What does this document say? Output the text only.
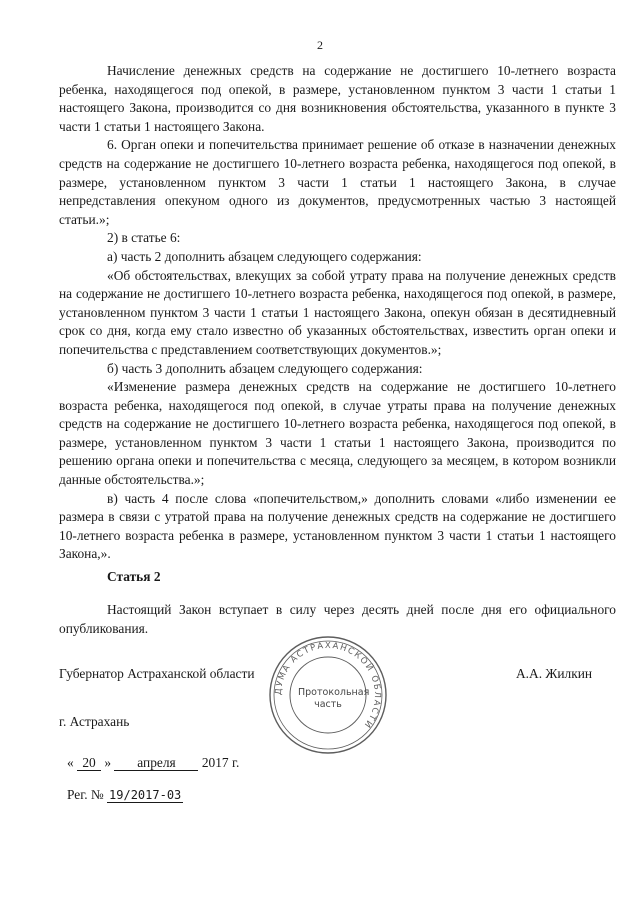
2

Начисление денежных средств на содержание не достигшего 10-летнего возраста ребенка, находящегося под опекой, в размере, установленном пунктом 3 части 1 статьи 1 настоящего Закона, производится со дня возникновения обстоятельства, указанного в пункте 3 части 1 статьи 1 настоящего Закона.

6. Орган опеки и попечительства принимает решение об отказе в назначении денежных средств на содержание не достигшего 10-летнего возраста ребенка, находящегося под опекой, в размере, установленном пунктом 3 части 1 статьи 1 настоящего Закона, в случае непредставления опекуном одного из документов, предусмотренных частью 3 настоящей статьи.»;

2) в статье 6:

а) часть 2 дополнить абзацем следующего содержания:

«Об обстоятельствах, влекущих за собой утрату права на получение денежных средств на содержание не достигшего 10-летнего возраста ребенка, находящегося под опекой, в размере, установленном пунктом 3 части 1 статьи 1 настоящего Закона, опекун обязан в десятидневный срок со дня, когда ему стало известно об указанных обстоятельствах, известить орган опеки и попечительства с представлением соответствующих документов.»;

б) часть 3 дополнить абзацем следующего содержания:

«Изменение размера денежных средств на содержание не достигшего 10-летнего возраста ребенка, находящегося под опекой, в случае утраты права на получение денежных средств на содержание не достигшего 10-летнего возраста ребенка, находящегося под опекой, в размере, установленном пунктом 3 части 1 статьи 1 настоящего Закона, производится по решению органа опеки и попечительства с месяца, следующего за месяцем, в котором возникли данные обстоятельства.»;

в) часть 4 после слова «попечительством,» дополнить словами «либо изменении ее размера в связи с утратой права на получение денежных средств на содержание не достигшего 10-летнего возраста ребенка в размере, установленном пунктом 3 части 1 статьи 1 настоящего Закона,».

Статья 2

Настоящий Закон вступает в силу через десять дней после дня его официального опубликования.

Губернатор Астраханской области	А.А. Жилкин
ДУМА АСТРАХАНСКОЙ ОБЛАСТИ
Протокольная
часть
г. Астрахань
« 20 » апреля 2017 г.
Рег. № 19/2017-03
